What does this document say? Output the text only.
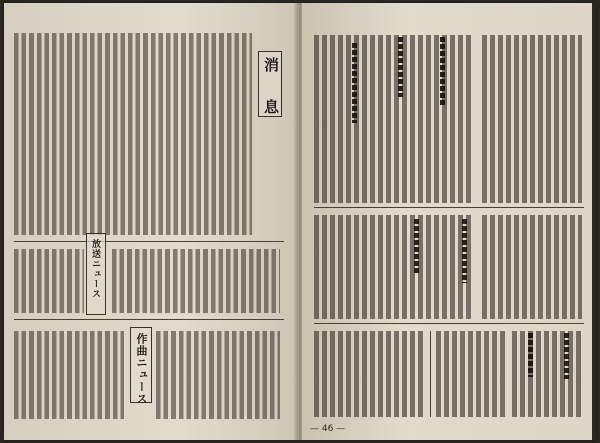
消　息
放送ニュース
作曲ニュース
— 46 —
